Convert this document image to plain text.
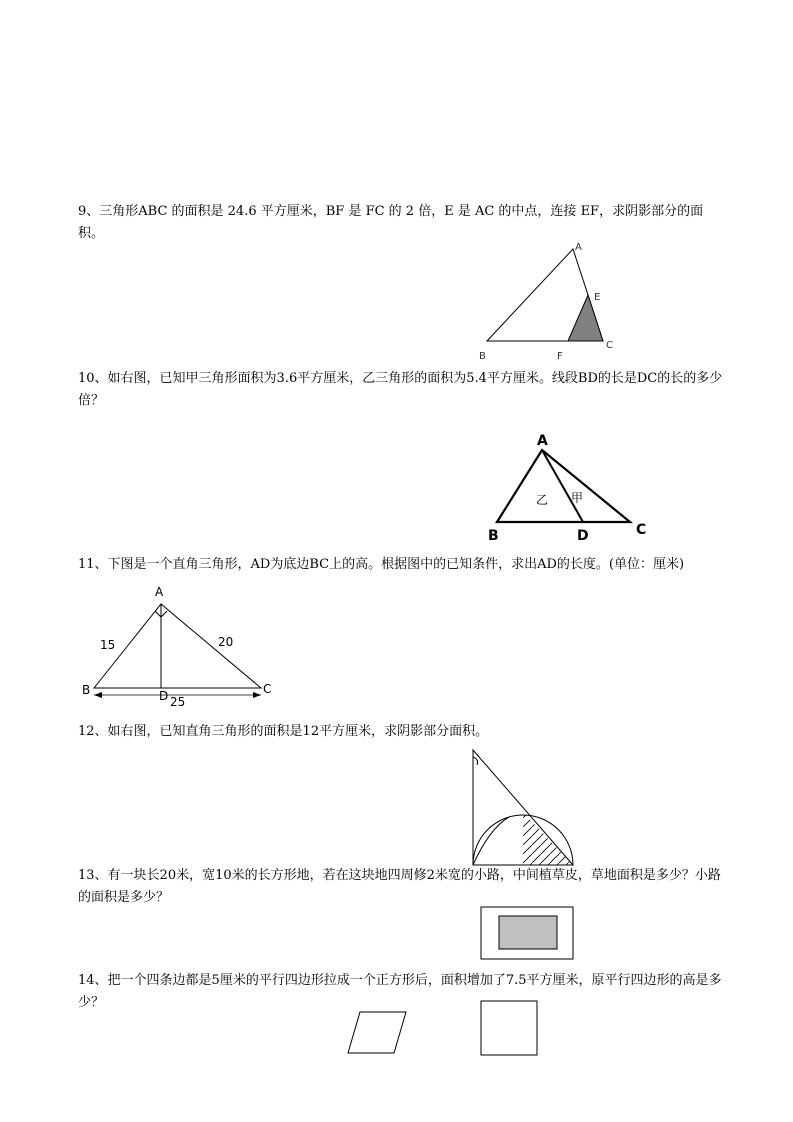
9、三角形ABC 的面积是 24.6 平方厘米，BF 是 FC 的 2 倍，E 是 AC 的中点，连接 EF，求阴影部分的面积。

10、如右图，已知甲三角形面积为3.6平方厘米，乙三角形的面积为5.4平方厘米。线段BD的长是DC的长的多少倍？

11、下图是一个直角三角形，AD为底边BC上的高。根据图中的已知条件，求出AD的长度。(单位：厘米)

12、如右图，已知直角三角形的面积是12平方厘米，求阴影部分面积。

13、有一块长20米，宽10米的长方形地，若在这块地四周修2米宽的小路，中间植草皮，草地面积是多少？小路的面积是多少？

14、把一个四条边都是5厘米的平行四边形拉成一个正方形后，面积增加了7.5平方厘米，原平行四边形的高是多少？

A
E
C
F
B
A
B	D	C
乙 甲
A
B	C
D
15	20
25
